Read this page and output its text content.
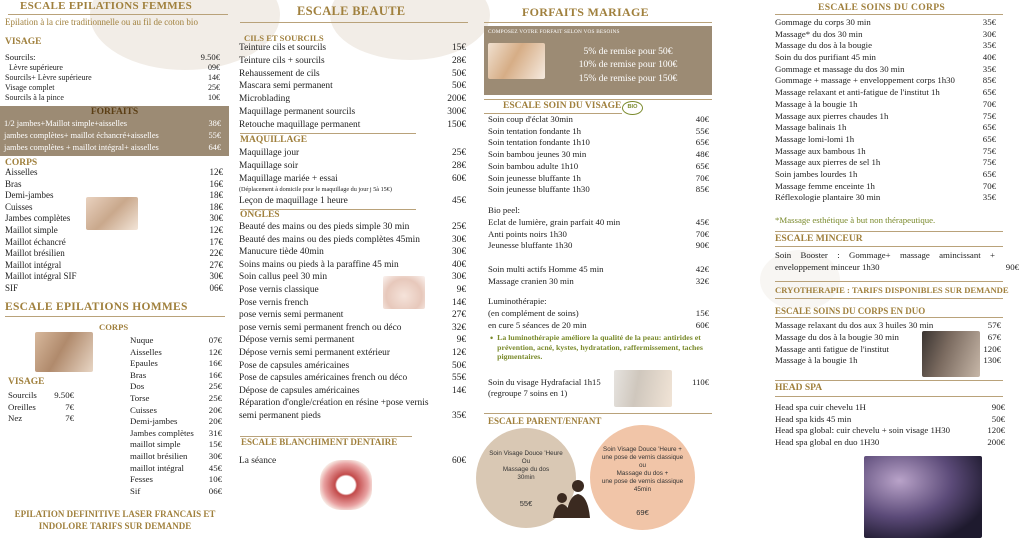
ESCALE EPILATIONS FEMMES
Epilation à la cire traditionnelle ou au fil de coton bio
VISAGE
Sourcils:	9.50€
Lèvre supérieure	09€
Sourcils+ Lèvre supérieure	14€
Visage complet	25€
Sourcils à la pince	10€
FORFAITS
1/2 jambes+Maillot simple+aisselles	38€
jambes complètes+ maillot échancré+aisselles	55€
jambes complètes + maillot intégral+ aisselles	64€
CORPS
Aisselles	12€
Bras	16€
Demi-jambes	18€
Cuisses	18€
Jambes complètes	30€
Maillot simple	12€
Maillot échancré	17€
Maillot brésilien	22€
Maillot intégral	27€
Maillot intégral SIF	30€
SIF	06€
ESCALE EPILATIONS HOMMES
CORPS
Nuque	07€
Aisselles	12€
Epaules	16€
Bras	16€
Dos	25€
Torse	25€
Cuisses	20€
Demi-jambes	20€
Jambes complètes 31€
maillot simple	15€
maillot brésilien 30€
maillot intégral	45€
Fesses	10€
Sif	06€
VISAGE
Sourcils 9.50€
Oreilles	7€
Nez	7€
EPILATION DEFINITIVE LASER FRANCAIS ET INDOLORE TARIFS SUR DEMANDE
ESCALE BEAUTE
CILS ET SOURCILS
Teinture cils et sourcils	15€
Teinture cils + sourcils	28€
Rehaussement de cils	50€
Mascara semi permanent	50€
Microblading	200€
Maquillage permanent sourcils	300€
Retouche maquillage permanent	150€
MAQUILLAGE
Maquillage jour	25€
Maquillage soir	28€
Maquillage mariée + essai	60€
(Déplacement à domicile pour le maquillage du jour j 5à 15€)
Leçon de maquillage 1 heure	45€
ONGLES
Beauté des mains ou des pieds simple 30 min	25€
Beauté des mains ou des pieds complètes 45min	30€
Manucure tiède 40min	30€
Soins mains ou pieds à la paraffine 45 min	40€
Soin callus peel 30 min	30€
Pose vernis classique	9€
Pose vernis french	14€
pose vernis semi permanent	27€
pose vernis semi permanent french ou déco	32€
Dépose vernis semi permanent	9€
Dépose vernis semi permanent extérieur	12€
Pose de capsules américaines	50€
Pose de capsules américaines french ou déco	55€
Dépose de capsules américaines	14€
Réparation d'ongle/création en résine +pose vernis semi permanent pieds	35€
ESCALE BLANCHIMENT DENTAIRE
La séance	60€
FORFAITS MARIAGE
COMPOSEZ VOTRE FORFAIT SELON VOS BESOINS
5% de remise pour 50€
10% de remise pour 100€
15% de remise pour 150€
ESCALE SOIN DU VISAGE	BIO
Soin coup d'éclat 30min	40€
Soin tentation fondante 1h	55€
Soin tentation fondante 1h10	65€
Soin bambou jeunes 30 min	48€
Soin bambou adulte 1h10	65€
Soin jeunesse bluffante 1h	70€
Soin jeunesse bluffante 1h30	85€
Bio peel:
Eclat de lumière, grain parfait 40 min	45€
Anti points noirs 1h30	70€
Jeunesse bluffante 1h30	90€
Soin multi actifs Homme 45 min	42€
Massage cranien 30 min	32€
Luminothérapie:
(en complément de soins)	15€
en cure 5 séances de 20 min	60€
• La luminothérapie améliore la qualité de la peau: antirides et prévention, acné, kystes, hydratation, raffermissement, taches pigmentaires.
Soin du visage Hydrafacial 1h15 (regroupe 7 soins en 1)
110€
ESCALE PARENT/ENFANT
Soin Visage Douce 'Heure
Ou
Massage du dos
30min
55€
Soin Visage Douce 'Heure +
une pose de vernis classique
ou
Massage du dos +
une pose de vernis classique
45min
69€
ESCALE SOINS DU CORPS
Gommage du corps 30 min	35€
Massage* du dos 30 min	30€
Massage du dos à la bougie	35€
Soin du dos purifiant 45 min	40€
Gommage et massage du dos 30 min	35€
Gommage + massage + enveloppement corps 1h30	85€
Massage relaxant et anti-fatigue de l'institut 1h	65€
Massage à la bougie 1h	70€
Massage aux pierres chaudes 1h	75€
Massage balinais 1h	65€
Massage lomi-lomi 1h	65€
Massage aux bambous 1h	75€
Massage aux pierres de sel 1h	75€
Soin jambes lourdes 1h	65€
Massage femme enceinte 1h	70€
Réflexologie plantaire 30 min	35€
*Massage esthétique à but non thérapeutique.
ESCALE MINCEUR
Soin Booster : Gommage+ massage amincissant + enveloppement minceur 1h30	90€
CRYOTHERAPIE : TARIFS DISPONIBLES SUR DEMANDE
ESCALE SOINS DU CORPS EN DUO
Massage relaxant du dos aux 3 huiles 30 min	57€
Massage du dos à la bougie 30 min	67€
Massage anti fatigue de l'institut	120€
Massage à la bougie 1h	130€
HEAD SPA
Head spa cuir chevelu 1H	90€
Head spa kids 45 min	50€
Head spa global: cuir chevelu + soin visage 1H30	120€
Head spa global en duo 1H30	200€
